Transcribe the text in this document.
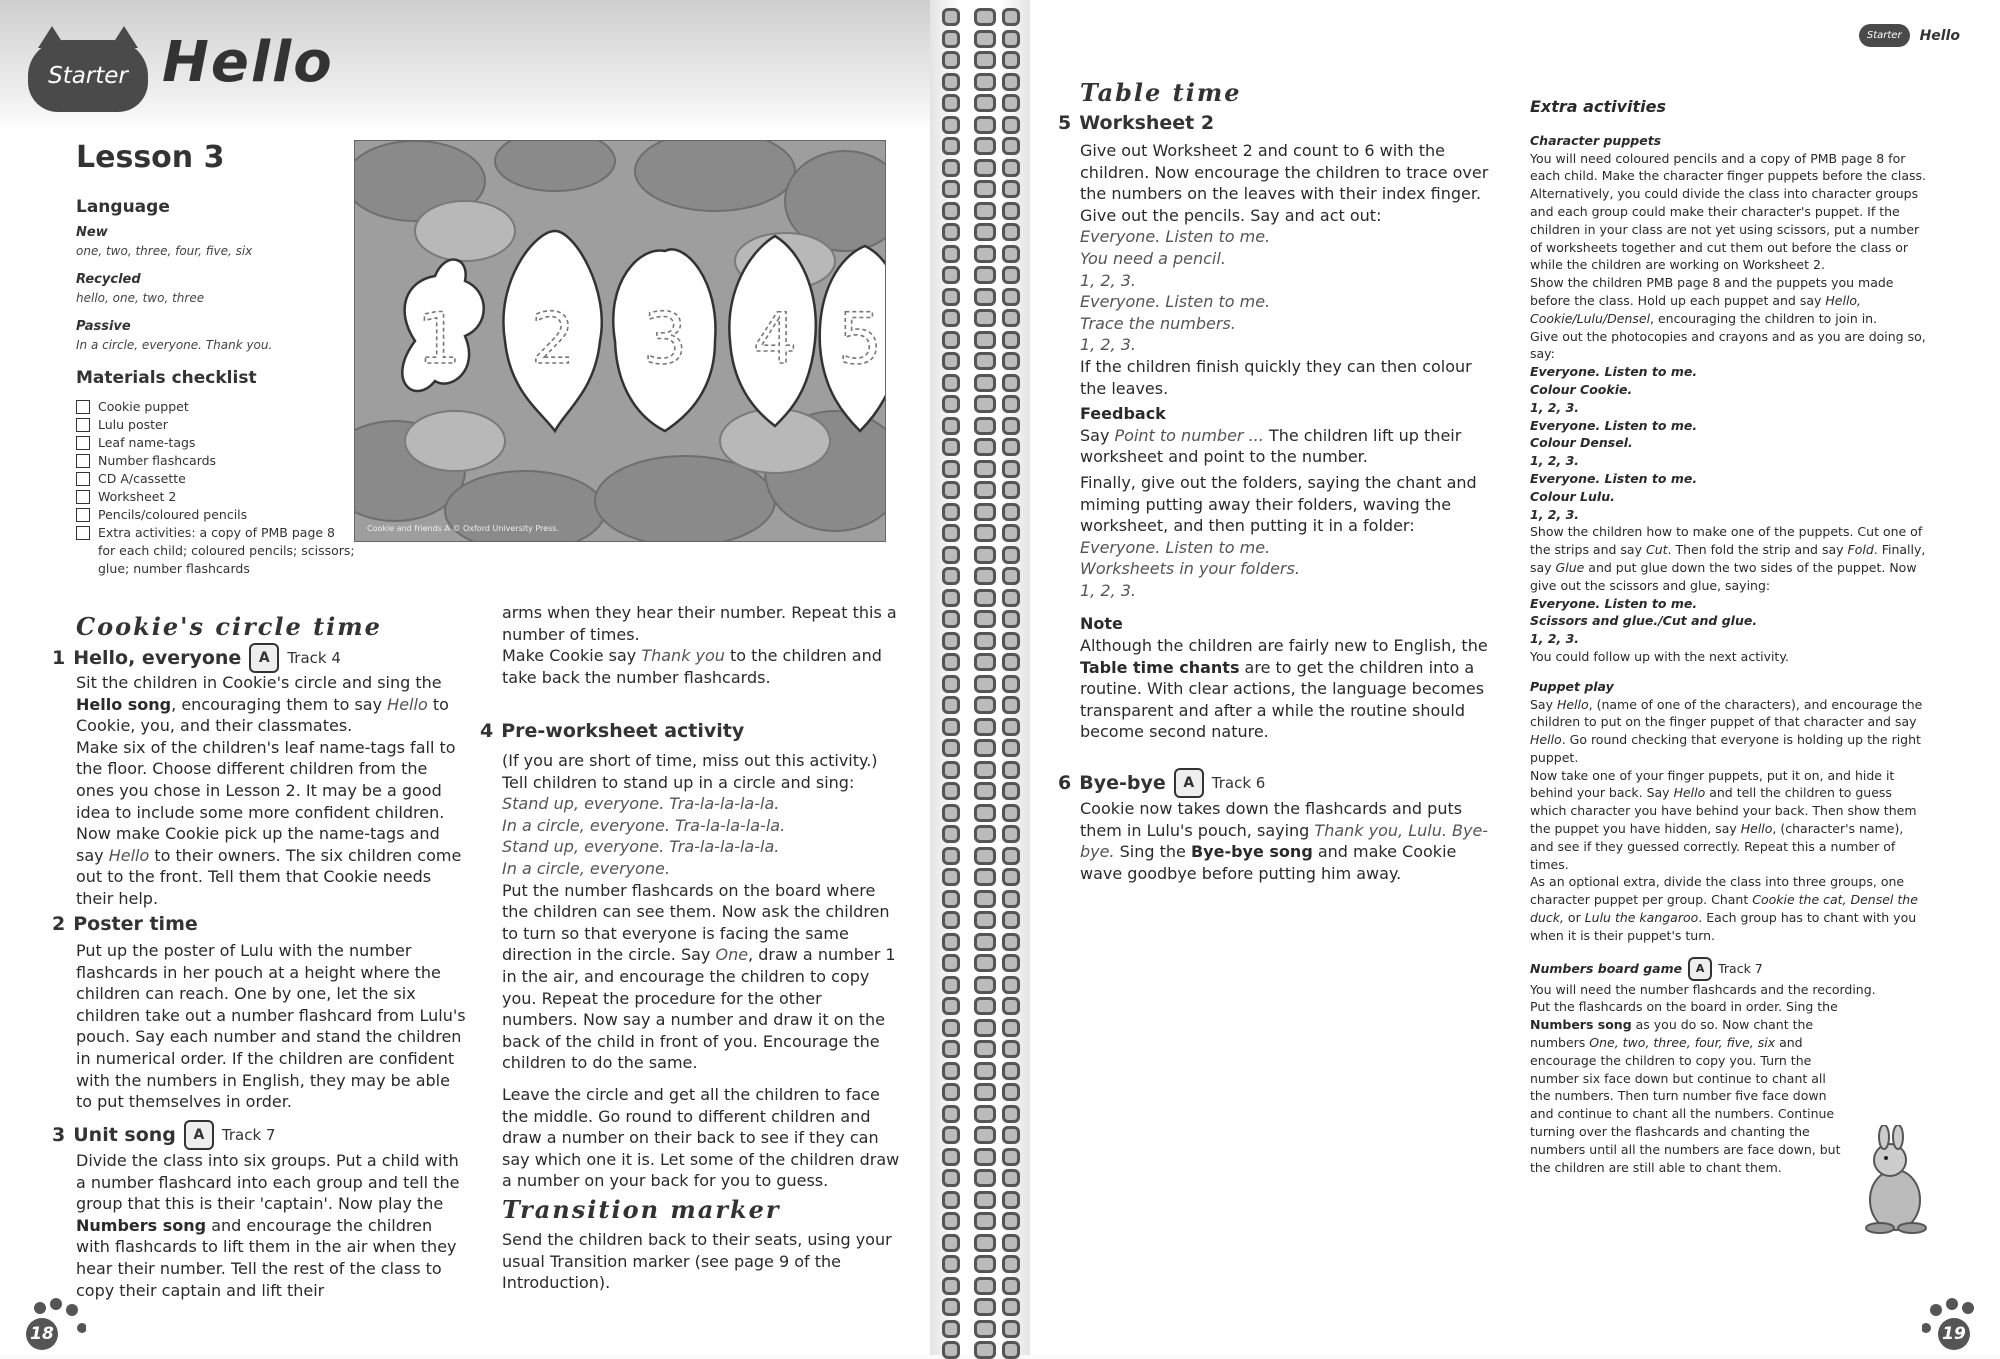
Starter Hello
Lesson 3
Language
New
one, two, three, four, five, six
Recycled
hello, one, two, three
Passive
In a circle, everyone. Thank you.
Materials checklist
Cookie puppet
Lulu poster
Leaf name-tags
Number flashcards
CD A/cassette
Worksheet 2
Pencils/coloured pencils
Extra activities: a copy of PMB page 8 for each child; coloured pencils; scissors; glue; number flashcards
1 2 3 4 5
Cookie and friends A © Oxford University Press.
Cookie's circle time
1 Hello, everyone	A	Track 4

Sit the children in Cookie's circle and sing the Hello song, encouraging them to say Hello to Cookie, you, and their classmates.

Make six of the children's leaf name-tags fall to the floor. Choose different children from the ones you chose in Lesson 2. It may be a good idea to include some more confident children.

Now make Cookie pick up the name-tags and say Hello to their owners. The six children come out to the front. Tell them that Cookie needs their help.

2 Poster time

Put up the poster of Lulu with the number flashcards in her pouch at a height where the children can reach. One by one, let the six children take out a number flashcard from Lulu's pouch. Say each number and stand the children in numerical order. If the children are confident with the numbers in English, they may be able to put themselves in order.

3 Unit song	A	Track 7

Divide the class into six groups. Put a child with a number flashcard into each group and tell the group that this is their 'captain'. Now play the Numbers song and encourage the children with flashcards to lift them in the air when they hear their number. Tell the rest of the class to copy their captain and lift their

arms when they hear their number. Repeat this a number of times.

Make Cookie say Thank you to the children and take back the number flashcards.

4 Pre-worksheet activity

(If you are short of time, miss out this activity.)

Tell children to stand up in a circle and sing:

Stand up, everyone. Tra-la-la-la-la.

In a circle, everyone. Tra-la-la-la-la.

Stand up, everyone. Tra-la-la-la-la.

In a circle, everyone.

Put the number flashcards on the board where the children can see them. Now ask the children to turn so that everyone is facing the same direction in the circle. Say One, draw a number 1 in the air, and encourage the children to copy you. Repeat the procedure for the other numbers. Now say a number and draw it on the back of the child in front of you. Encourage the children to do the same.

Leave the circle and get all the children to face the middle. Go round to different children and draw a number on their back to see if they can say which one it is. Let some of the children draw a number on your back for you to guess.

Transition marker

Send the children back to their seats, using your usual Transition marker (see page 9 of the Introduction).

18
Starter	Hello
Table time
5 Worksheet 2

Give out Worksheet 2 and count to 6 with the children. Now encourage the children to trace over the numbers on the leaves with their index finger.

Give out the pencils. Say and act out:

Everyone. Listen to me.

You need a pencil.

1, 2, 3.

Everyone. Listen to me.

Trace the numbers.

1, 2, 3.

If the children finish quickly they can then colour the leaves.

Feedback

Say Point to number ... The children lift up their worksheet and point to the number.

Finally, give out the folders, saying the chant and miming putting away their folders, waving the worksheet, and then putting it in a folder:

Everyone. Listen to me.

Worksheets in your folders.

1, 2, 3.

Note

Although the children are fairly new to English, the Table time chants are to get the children into a routine. With clear actions, the language becomes transparent and after a while the routine should become second nature.

6 Bye-bye	A	Track 6

Cookie now takes down the flashcards and puts them in Lulu's pouch, saying Thank you, Lulu. Bye-bye. Sing the Bye-bye song and make Cookie wave goodbye before putting him away.

Extra activities

Character puppets

You will need coloured pencils and a copy of PMB page 8 for each child. Make the character finger puppets before the class.

Alternatively, you could divide the class into character groups and each group could make their character's puppet. If the children in your class are not yet using scissors, put a number of worksheets together and cut them out before the class or while the children are working on Worksheet 2.

Show the children PMB page 8 and the puppets you made before the class. Hold up each puppet and say Hello, Cookie/Lulu/Densel, encouraging the children to join in.

Give out the photocopies and crayons and as you are doing so, say:

Everyone. Listen to me.

Colour Cookie.

1, 2, 3.

Everyone. Listen to me.

Colour Densel.

1, 2, 3.

Everyone. Listen to me.

Colour Lulu.

1, 2, 3.

Show the children how to make one of the puppets. Cut one of the strips and say Cut. Then fold the strip and say Fold. Finally, say Glue and put glue down the two sides of the puppet. Now give out the scissors and glue, saying:

Everyone. Listen to me.

Scissors and glue./Cut and glue.

1, 2, 3.

You could follow up with the next activity.

Puppet play

Say Hello, (name of one of the characters), and encourage the children to put on the finger puppet of that character and say Hello. Go round checking that everyone is holding up the right puppet.

Now take one of your finger puppets, put it on, and hide it behind your back. Say Hello and tell the children to guess which character you have behind your back. Then show them the puppet you have hidden, say Hello, (character's name), and see if they guessed correctly. Repeat this a number of times.

As an optional extra, divide the class into three groups, one character puppet per group. Chant Cookie the cat, Densel the duck, or Lulu the kangaroo. Each group has to chant with you when it is their puppet's turn.

Numbers board game	A	Track 7

You will need the number flashcards and the recording.

Put the flashcards on the board in order. Sing the Numbers song as you do so. Now chant the numbers One, two, three, four, five, six and encourage the children to copy you. Turn the number six face down but continue to chant all the numbers. Then turn number five face down and continue to chant all the numbers. Continue turning over the flashcards and chanting the numbers until all the numbers are face down, but the children are still able to chant them.

19
